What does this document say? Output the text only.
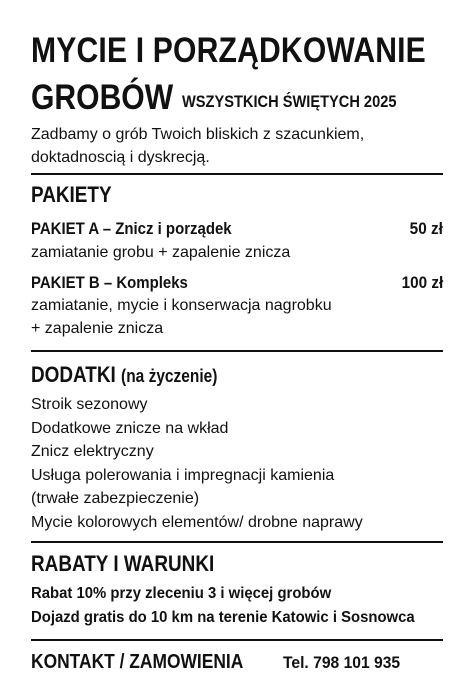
MYCIE I PORZĄDKOWANIE
GROBÓW WSZYSTKICH ŚWIĘTYCH 2025

Zadbamy o grób Twoich bliskich z szacunkiem, doktadnoscią i dyskrecją.

PAKIETY
PAKIET A – Znicz i porządek	50 zł
zamiatanie grobu + zapalenie znicza
PAKIET B – Kompleks	100 zł
zamiatanie, mycie i konserwacja nagrobku
+ zapalenie znicza
DODATKI (na życzenie)
Stroik sezonowy
Dodatkowe znicze na wkład
Znicz elektryczny
Usługa polerowania i impregnacji kamienia
(trwałe zabezpieczenie)
Mycie kolorowych elementów/ drobne naprawy
RABATY I WARUNKI
Rabat 10% przy zleceniu 3 i więcej grobów
Dojazd gratis do 10 km na terenie Katowic i Sosnowca
KONTAKT / ZAMOWIENIA Tel. 798 101 935
